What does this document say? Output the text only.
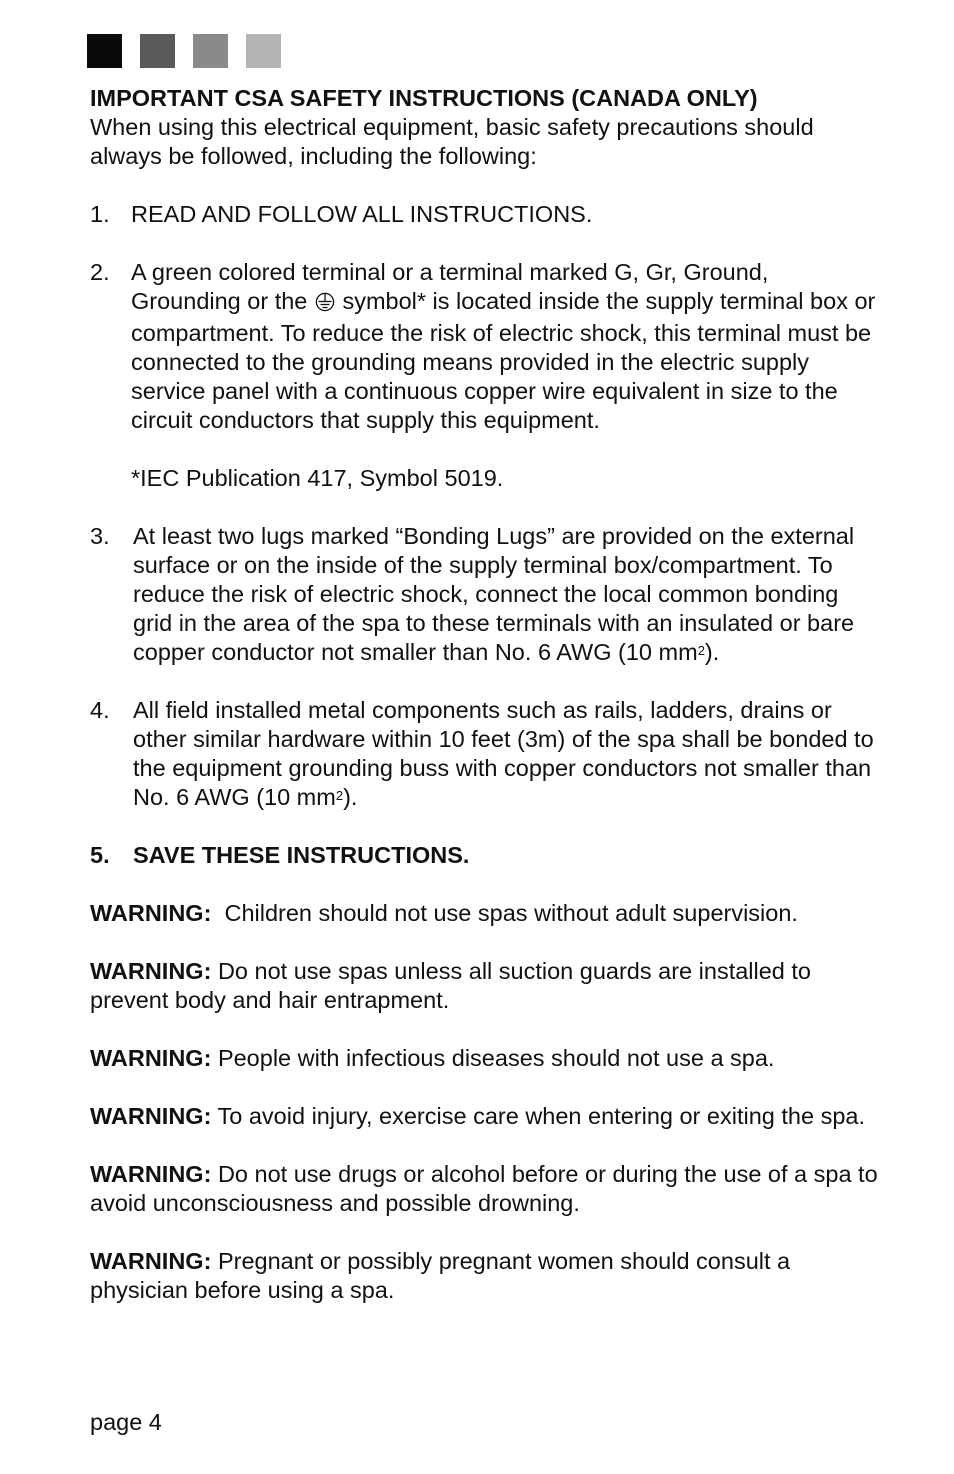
IMPORTANT CSA SAFETY INSTRUCTIONS (CANADA ONLY)
When using this electrical equipment, basic safety precautions should always be followed, including the following:
1. READ AND FOLLOW ALL INSTRUCTIONS.
2. A green colored terminal or a terminal marked G, Gr, Ground, Grounding or the symbol* is located inside the supply terminal box or compartment. To reduce the risk of electric shock, this terminal must be connected to the grounding means provided in the electric supply service panel with a continuous copper wire equivalent in size to the circuit conductors that supply this equipment.
*IEC Publication 417, Symbol 5019.
3. At least two lugs marked “Bonding Lugs” are provided on the external surface or on the inside of the supply terminal box/compartment. To reduce the risk of electric shock, connect the local common bonding grid in the area of the spa to these terminals with an insulated or bare copper conductor not smaller than No. 6 AWG (10 $mm^2$).
4. All field installed metal components such as rails, ladders, drains or other similar hardware within 10 feet (3m) of the spa shall be bonded to the equipment grounding buss with copper conductors not smaller than No. 6 AWG (10 $mm^2$).
5. SAVE THESE INSTRUCTIONS.
WARNING: Children should not use spas without adult supervision.
WARNING: Do not use spas unless all suction guards are installed to prevent body and hair entrapment.
WARNING: People with infectious diseases should not use a spa.
WARNING: To avoid injury, exercise care when entering or exiting the spa.
WARNING: Do not use drugs or alcohol before or during the use of a spa to avoid unconsciousness and possible drowning.
WARNING: Pregnant or possibly pregnant women should consult a physician before using a spa.
page 4
